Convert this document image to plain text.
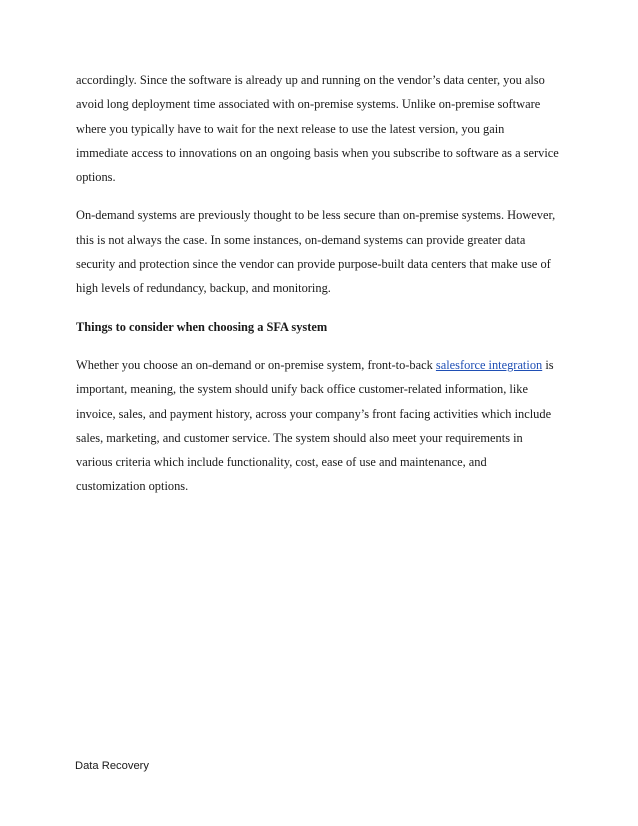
accordingly. Since the software is already up and running on the vendor’s data center, you also
avoid long deployment time associated with on-premise systems. Unlike on-premise software
where you typically have to wait for the next release to use the latest version, you gain
immediate access to innovations on an ongoing basis when you subscribe to software as a service
options.

On-demand systems are previously thought to be less secure than on-premise systems. However,
this is not always the case. In some instances, on-demand systems can provide greater data
security and protection since the vendor can provide purpose-built data centers that make use of
high levels of redundancy, backup, and monitoring.

Things to consider when choosing a SFA system

Whether you choose an on-demand or on-premise system, front-to-back salesforce integration is
important, meaning, the system should unify back office customer-related information, like
invoice, sales, and payment history, across your company’s front facing activities which include
sales, marketing, and customer service. The system should also meet your requirements in
various criteria which include functionality, cost, ease of use and maintenance, and
customization options.

Data Recovery
